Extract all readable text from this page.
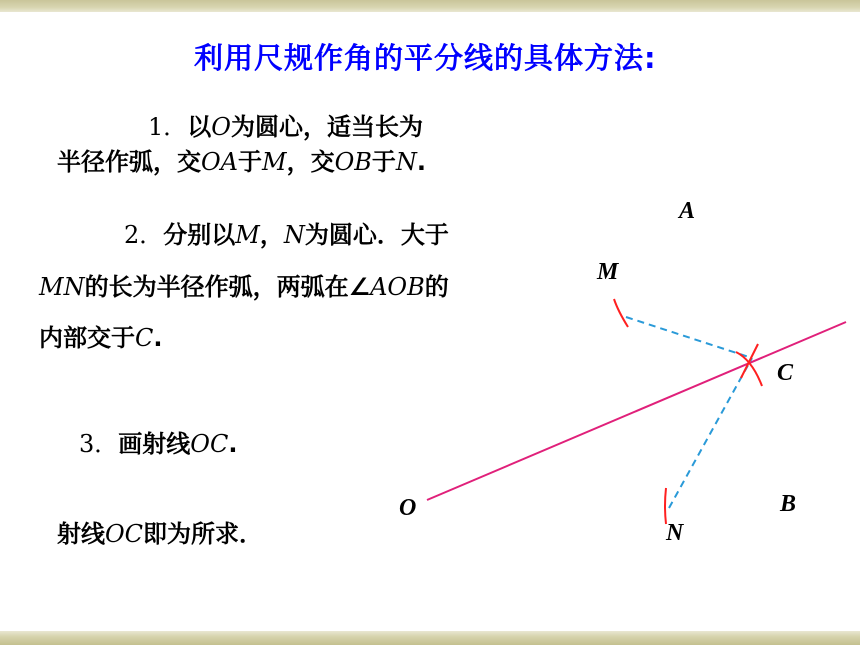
利用尺规作角的平分线的具体方法:
1．以O为圆心，适当长为
半径作弧，交OA于M，交OB于N.
2．分别以M，N为圆心．大于
MN的长为半径作弧，两弧在∠AOB的
内部交于C.
3．画射线OC.
射线OC即为所求．
A
M
C
O	B
N
